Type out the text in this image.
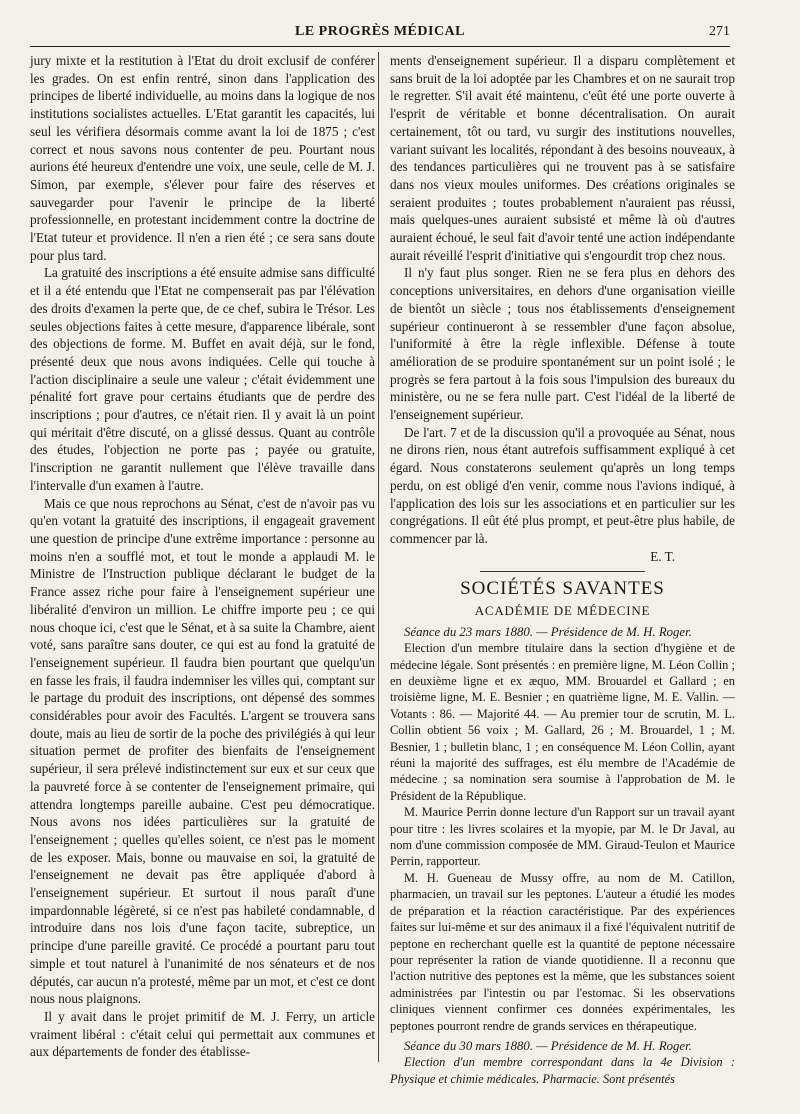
LE PROGRÈS MÉDICAL	271

jury mixte et la restitution à l'Etat du droit exclusif de conférer les grades. On est enfin rentré, sinon dans l'application des principes de liberté individuelle, au moins dans la logique de nos institutions socialistes actuelles. L'Etat garantit les capacités, lui seul les vérifiera désormais comme avant la loi de 1875 ; c'est correct et nous savons nous contenter de peu. Pourtant nous aurions été heureux d'entendre une voix, une seule, celle de M. J. Simon, par exemple, s'élever pour faire des réserves et sauvegarder pour l'avenir le principe de la liberté professionnelle, en protestant incidemment contre la doctrine de l'Etat tuteur et providence. Il n'en a rien été ; ce sera sans doute pour plus tard.

La gratuité des inscriptions a été ensuite admise sans difficulté et il a été entendu que l'Etat ne compenserait pas par l'élévation des droits d'examen la perte que, de ce chef, subira le Trésor. Les seules objections faites à cette mesure, d'apparence libérale, sont des objections de forme. M. Buffet en avait déjà, sur le fond, présenté deux que nous avons indiquées. Celle qui touche à l'action disciplinaire a seule une valeur ; c'était évidemment une pénalité fort grave pour certains étudiants que de perdre des inscriptions ; pour d'autres, ce n'était rien. Il y avait là un point qui méritait d'être discuté, on a glissé dessus. Quant au contrôle des études, l'objection ne porte pas ; payée ou gratuite, l'inscription ne garantit nullement que l'élève travaille dans l'intervalle d'un examen à l'autre.

Mais ce que nous reprochons au Sénat, c'est de n'avoir pas vu qu'en votant la gratuité des inscriptions, il engageait gravement une question de principe d'une extrême importance : personne au moins n'en a soufflé mot, et tout le monde a applaudi M. le Ministre de l'Instruction publique déclarant le budget de la France assez riche pour faire à l'enseignement supérieur une libéralité d'environ un million. Le chiffre importe peu ; ce qui nous choque ici, c'est que le Sénat, et à sa suite la Chambre, aient voté, sans paraître sans douter, ce qui est au fond la gratuité de l'enseignement supérieur. Il faudra bien pourtant que quelqu'un en fasse les frais, il faudra indemniser les villes qui, comptant sur le partage du produit des inscriptions, ont dépensé des sommes considérables pour avoir des Facultés. L'argent se trouvera sans doute, mais au lieu de sortir de la poche des privilégiés à qui leur situation permet de profiter des bienfaits de l'enseignement supérieur, il sera prélevé indistinctement sur eux et sur ceux que la pauvreté force à se contenter de l'enseignement primaire, qui attendra longtemps pareille aubaine. C'est peu démocratique. Nous avons nos idées particulières sur la gratuité de l'enseignement ; quelles qu'elles soient, ce n'est pas le moment de les exposer. Mais, bonne ou mauvaise en soi, la gratuité de l'enseignement ne devait pas être appliquée d'abord à l'enseignement supérieur. Et surtout il nous paraît d'une impardonnable légèreté, si ce n'est pas habileté condamnable, d introduire dans nos lois d'une façon tacite, subreptice, un principe d'une pareille gravité. Ce procédé a pourtant paru tout simple et tout naturel à l'unanimité de nos sénateurs et de nos députés, car aucun n'a protesté, même par un mot, et c'est ce dont nous nous plaignons.

Il y avait dans le projet primitif de M. J. Ferry, un article vraiment libéral : c'était celui qui permettait aux communes et aux départements de fonder des établisse-

ments d'enseignement supérieur. Il a disparu complètement et sans bruit de la loi adoptée par les Chambres et on ne saurait trop le regretter. S'il avait été maintenu, c'eût été une porte ouverte à l'esprit de véritable et bonne décentralisation. On aurait certainement, tôt ou tard, vu surgir des institutions nouvelles, variant suivant les localités, répondant à des besoins nouveaux, à des tendances particulières qui ne trouvent pas à se satisfaire dans nos vieux moules uniformes. Des créations originales se seraient produites ; toutes probablement n'auraient pas réussi, mais quelques-unes auraient subsisté et même là où d'autres auraient échoué, le seul fait d'avoir tenté une action indépendante aurait réveillé l'esprit d'initiative qui s'engourdit trop chez nous.

Il n'y faut plus songer. Rien ne se fera plus en dehors des conceptions universitaires, en dehors d'une organisation vieille de bientôt un siècle ; tous nos établissements d'enseignement supérieur continueront à se ressembler d'une façon absolue, l'uniformité à être la règle inflexible. Défense à toute amélioration de se produire spontanément sur un point isolé ; le progrès se fera partout à la fois sous l'impulsion des bureaux du ministère, ou ne se fera nulle part. C'est l'idéal de la liberté de l'enseignement supérieur.

De l'art. 7 et de la discussion qu'il a provoquée au Sénat, nous ne dirons rien, nous étant autrefois suffisamment expliqué à cet égard. Nous constaterons seulement qu'après un long temps perdu, on est obligé d'en venir, comme nous l'avions indiqué, à l'application des lois sur les associations et en particulier sur les congrégations. Il eût été plus prompt, et peut-être plus habile, de commencer par là.

E. T.

SOCIÉTÉS SAVANTES
ACADÉMIE DE MÉDECINE

Séance du 23 mars 1880. — Présidence de M. H. Roger.

Election d'un membre titulaire dans la section d'hygiène et de médecine légale. Sont présentés : en première ligne, M. Léon Collin ; en deuxième ligne et ex æquo, MM. Brouardel et Gallard ; en troisième ligne, M. E. Besnier ; en quatrième ligne, M. E. Vallin. — Votants : 86. — Majorité 44. — Au premier tour de scrutin, M. L. Collin obtient 56 voix ; M. Gallard, 26 ; M. Brouardel, 1 ; M. Besnier, 1 ; bulletin blanc, 1 ; en conséquence M. Léon Collin, ayant réuni la majorité des suffrages, est élu membre de l'Académie de médecine ; sa nomination sera soumise à l'approbation de M. le Président de la République.

M. Maurice Perrin donne lecture d'un Rapport sur un travail ayant pour titre : les livres scolaires et la myopie, par M. le Dr Javal, au nom d'une commission composée de MM. Giraud-Teulon et Maurice Perrin, rapporteur.

M. H. Gueneau de Mussy offre, au nom de M. Catillon, pharmacien, un travail sur les peptones. L'auteur a étudié les modes de préparation et la réaction caractéristique. Par des expériences faites sur lui-même et sur des animaux il a fixé l'équivalent nutritif de peptone en recherchant quelle est la quantité de peptone nécessaire pour représenter la ration de viande quotidienne. Il a reconnu que l'action nutritive des peptones est la même, que les substances soient administrées par l'intestin ou par l'estomac. Si les observations cliniques viennent confirmer ces données expérimentales, les peptones pourront rendre de grands services en thérapeutique.

Séance du 30 mars 1880. — Présidence de M. H. Roger.

Election d'un membre correspondant dans la 4e Division : Physique et chimie médicales. Pharmacie. Sont présentés
